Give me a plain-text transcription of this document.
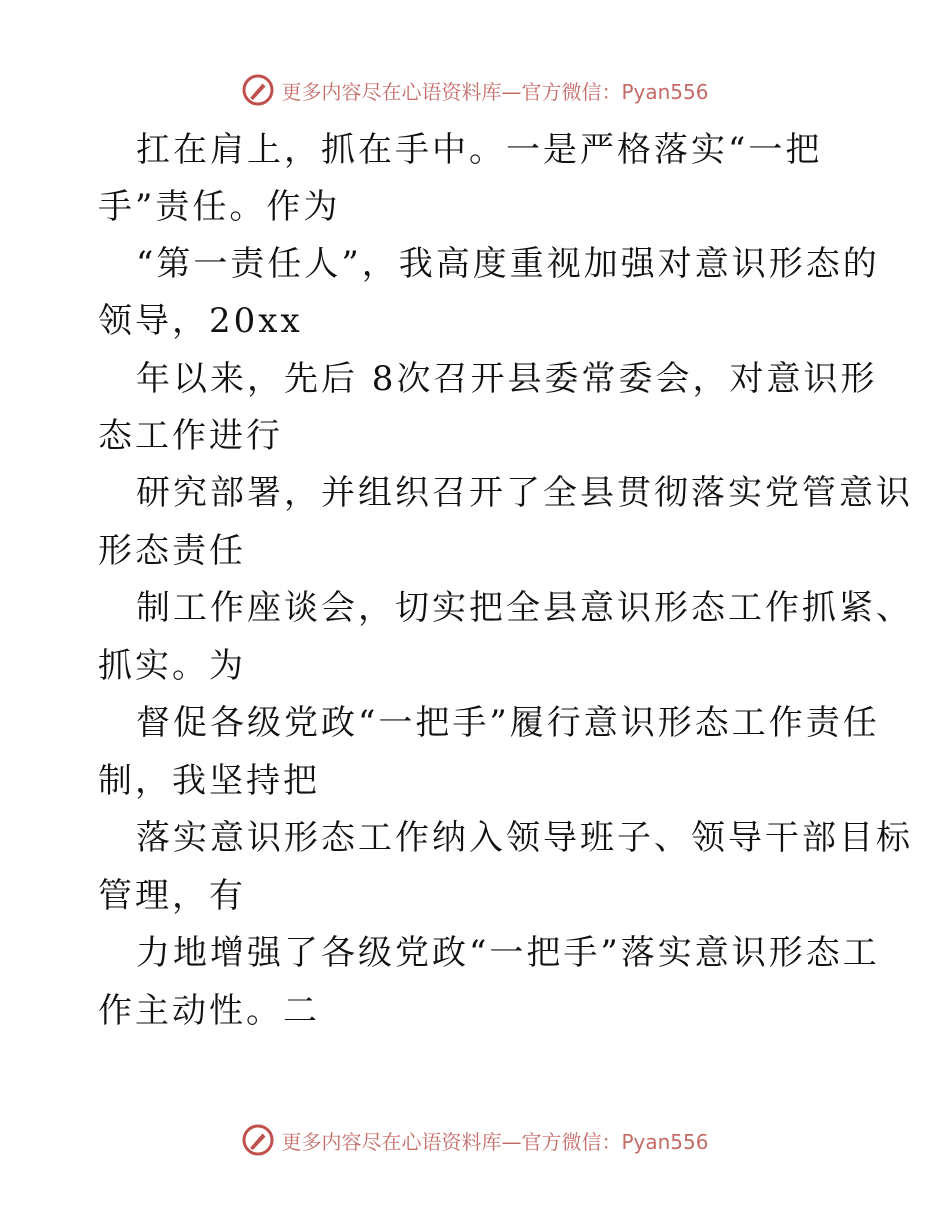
更多内容尽在心语资料库—官方微信：Pyan556
扛在肩上，抓在手中。一是严格落实“一把
手”责任。作为
“第一责任人”，我高度重视加强对意识形态的
领导，20xx
年以来，先后 8次召开县委常委会，对意识形
态工作进行
研究部署，并组织召开了全县贯彻落实党管意识
形态责任
制工作座谈会，切实把全县意识形态工作抓紧、
抓实。为
督促各级党政“一把手”履行意识形态工作责任
制，我坚持把
落实意识形态工作纳入领导班子、领导干部目标
管理，有
力地增强了各级党政“一把手”落实意识形态工
作主动性。二
更多内容尽在心语资料库—官方微信：Pyan556
